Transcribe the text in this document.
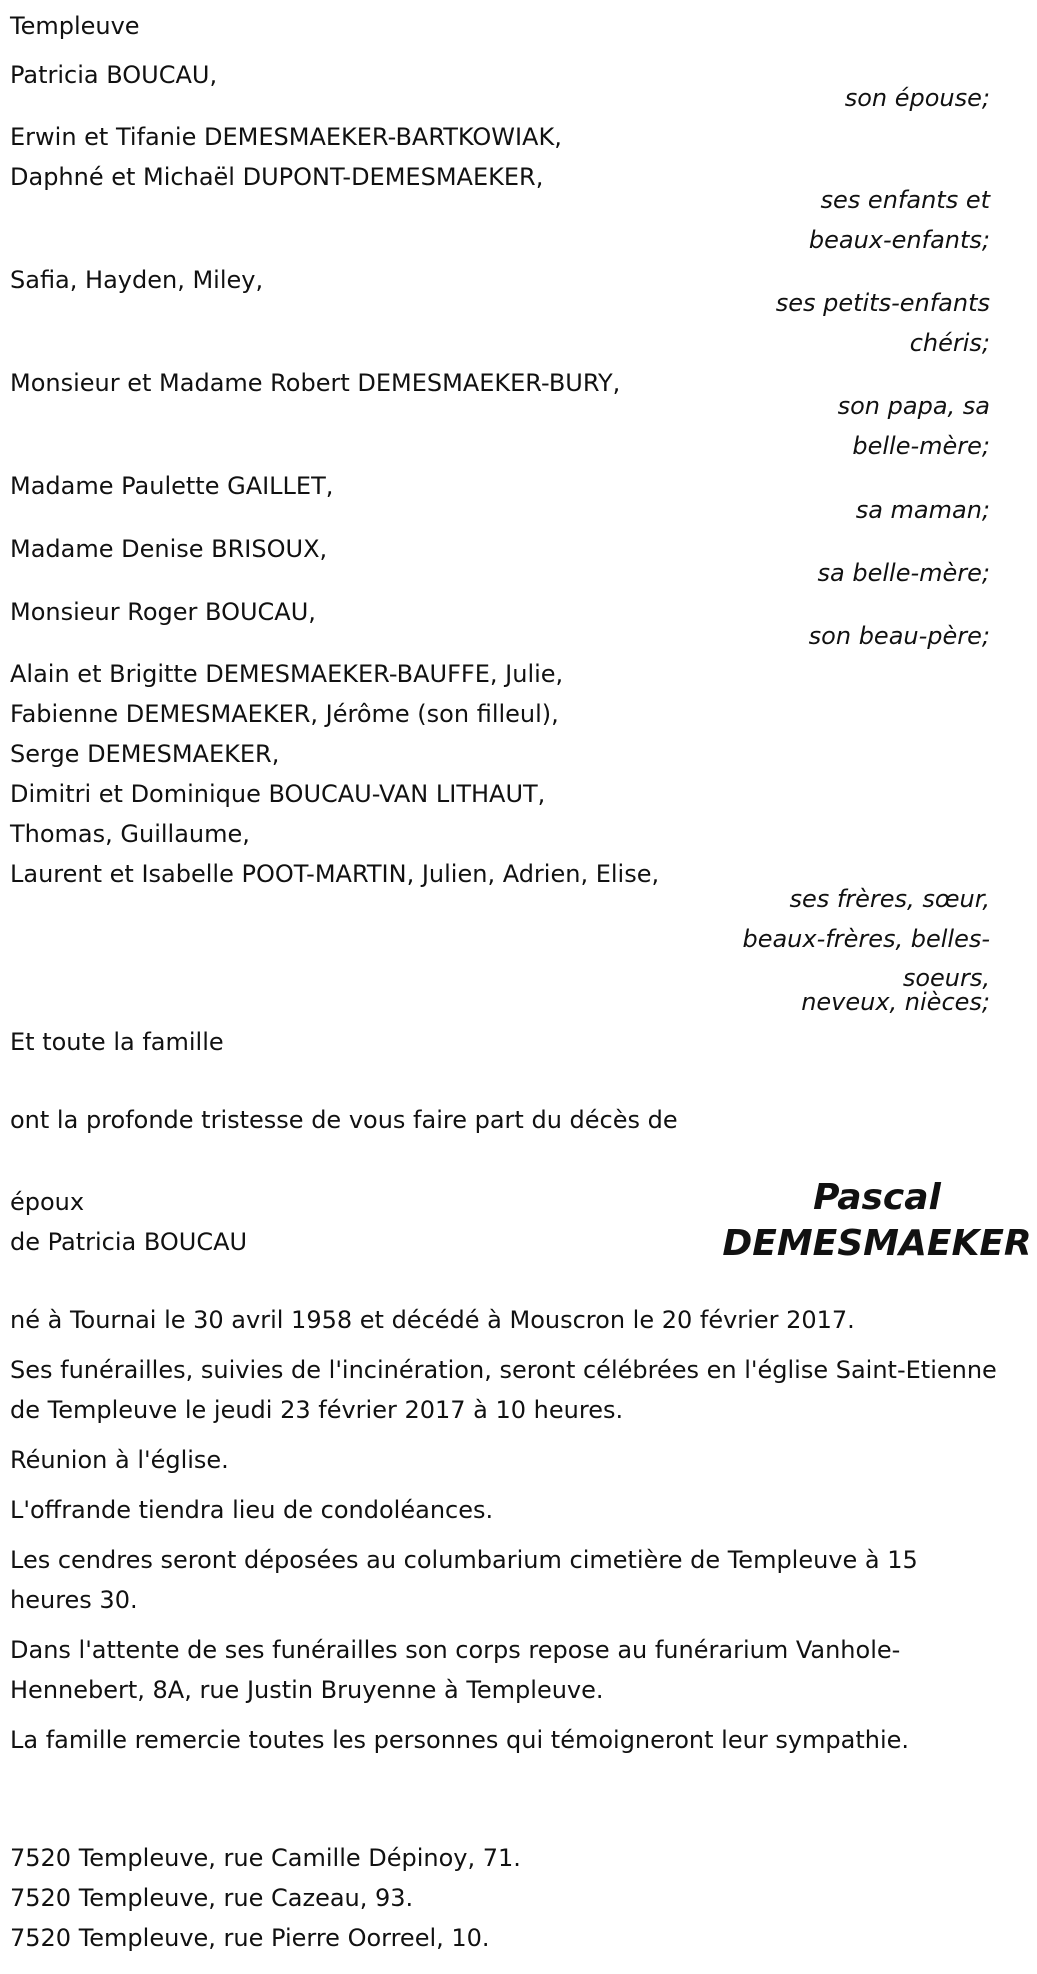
Templeuve
Patricia BOUCAU,
son épouse;
Erwin et Tifanie DEMESMAEKER-BARTKOWIAK,
Daphné et Michaël DUPONT-DEMESMAEKER,
ses enfants et
beaux-enfants;
Safia, Hayden, Miley,
ses petits-enfants
chéris;
Monsieur et Madame Robert DEMESMAEKER-BURY,
son papa, sa
belle-mère;
Madame Paulette GAILLET,
sa maman;
Madame Denise BRISOUX,
sa belle-mère;
Monsieur Roger BOUCAU,
son beau-père;
Alain et Brigitte DEMESMAEKER-BAUFFE, Julie,
Fabienne DEMESMAEKER, Jérôme (son filleul),
Serge DEMESMAEKER,
Dimitri et Dominique BOUCAU-VAN LITHAUT,
Thomas, Guillaume,
Laurent et Isabelle POOT-MARTIN, Julien, Adrien, Elise,
ses frères, sœur,
beaux-frères, belles-
soeurs,
neveux, nièces;
Et toute la famille
ont la profonde tristesse de vous faire part du décès de
époux
de Patricia BOUCAU
Pascal
DEMESMAEKER
né à Tournai le 30 avril 1958 et décédé à Mouscron le 20 février 2017.
Ses funérailles, suivies de l'incinération, seront célébrées en l'église Saint-Etienne de Templeuve le jeudi 23 février 2017 à 10 heures.
Réunion à l'église.
L'offrande tiendra lieu de condoléances.
Les cendres seront déposées au columbarium cimetière de Templeuve à 15 heures 30.
Dans l'attente de ses funérailles son corps repose au funérarium Vanhole-Hennebert, 8A, rue Justin Bruyenne à Templeuve.
La famille remercie toutes les personnes qui témoigneront leur sympathie.
7520 Templeuve, rue Camille Dépinoy, 71.
7520 Templeuve, rue Cazeau, 93.
7520 Templeuve, rue Pierre Oorreel, 10.
